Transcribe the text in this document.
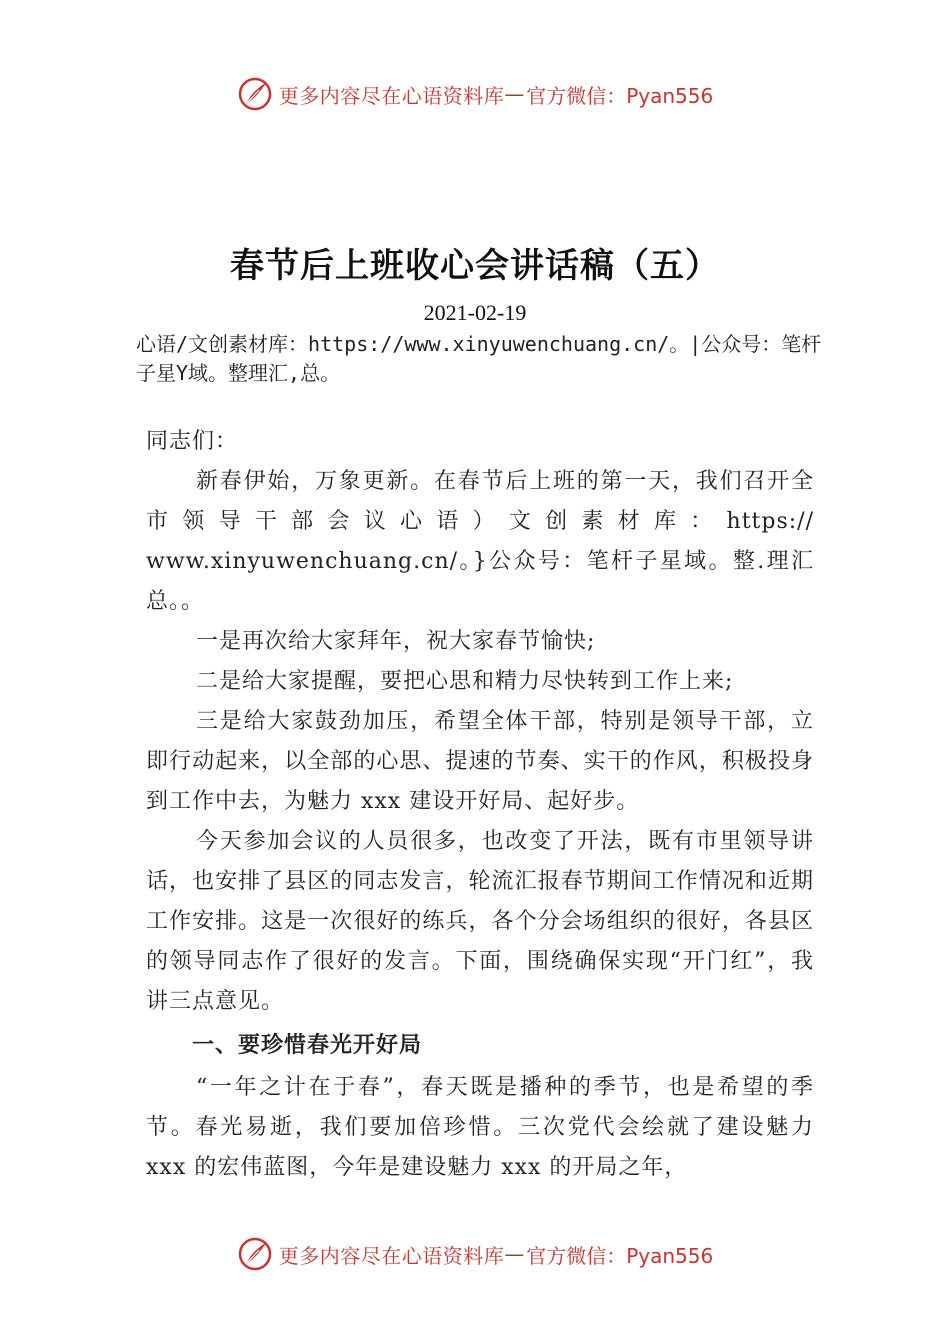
更多内容尽在心语资料库 — 官方微信：Pyan556
春节后上班收心会讲话稿（五）
2021-02-19
心语/文创素材库：https://www.xinyuwenchuang.cn/。|公众号：笔杆子星Y域。整理汇,总。

同志们：

新春伊始，万象更新。在春节后上班的第一天，我们召开全市领导干部会议心语）文创素材库：https:// www.xinyuwenchuang.cn/。}公众号：笔杆子星域。整.理汇总。。

一是再次给大家拜年，祝大家春节愉快;

二是给大家提醒，要把心思和精力尽快转到工作上来;

三是给大家鼓劲加压，希望全体干部，特别是领导干部，立即行动起来，以全部的心思、提速的节奏、实干的作风，积极投身到工作中去，为魅力 xxx 建设开好局、起好步。

今天参加会议的人员很多，也改变了开法，既有市里领导讲话，也安排了县区的同志发言，轮流汇报春节期间工作情况和近期工作安排。这是一次很好的练兵，各个分会场组织的很好，各县区的领导同志作了很好的发言。下面，围绕确保实现“开门红”，我讲三点意见。

一、要珍惜春光开好局

“一年之计在于春”，春天既是播种的季节，也是希望的季节。春光易逝，我们要加倍珍惜。三次党代会绘就了建设魅力 xxx 的宏伟蓝图，今年是建设魅力 xxx 的开局之年，

更多内容尽在心语资料库 — 官方微信：Pyan556
